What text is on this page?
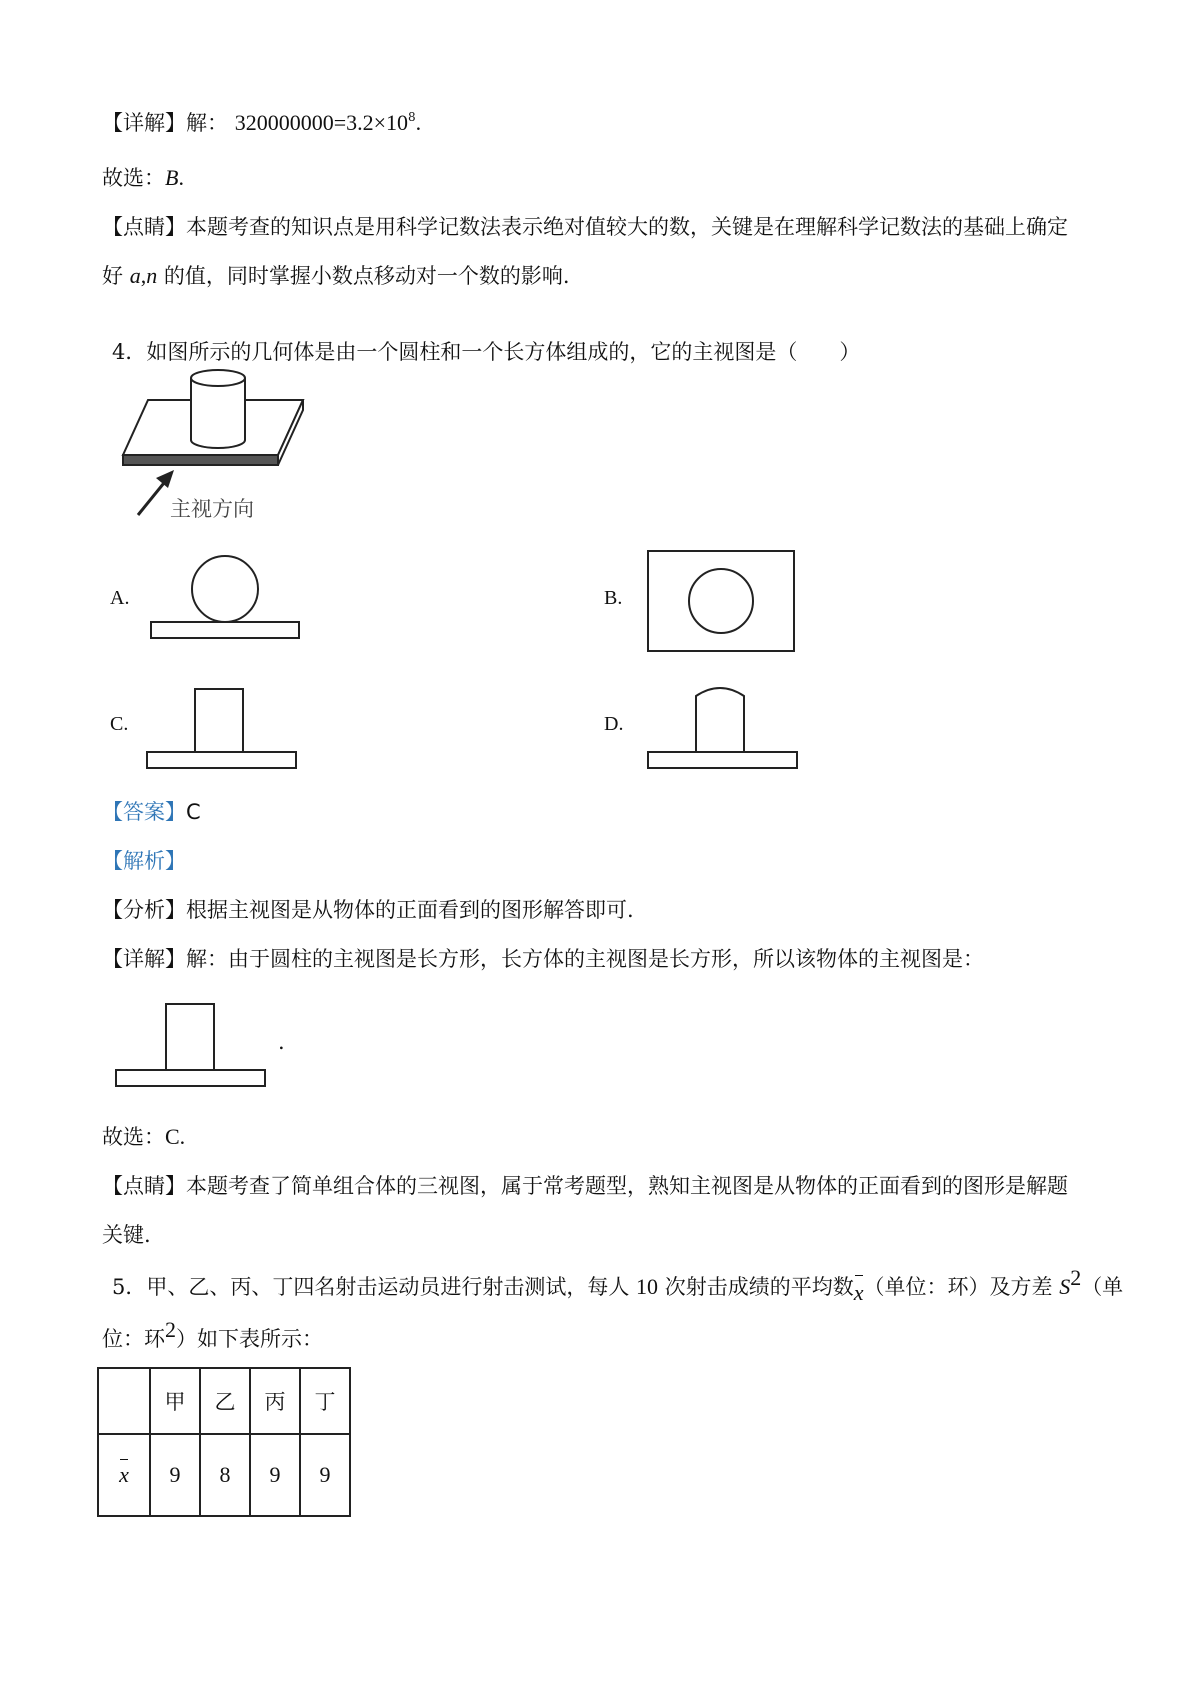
【详解】解： $320000000=3.2\times 10^8$.
故选：B.
【点睛】本题考查的知识点是用科学记数法表示绝对值较大的数，关键是在理解科学记数法的基础上确定
好 a,n 的值，同时掌握小数点移动对一个数的影响.
4．如图所示的几何体是由一个圆柱和一个长方体组成的，它的主视图是（　　）
主视方向
A.	B.
C.	D.
【答案】C
【解析】
【分析】根据主视图是从物体的正面看到的图形解答即可.
【详解】解：由于圆柱的主视图是长方形，长方体的主视图是长方形，所以该物体的主视图是：
.
故选：C.
【点睛】本题考查了简单组合体的三视图，属于常考题型，熟知主视图是从物体的正面看到的图形是解题
关键.
5．甲、乙、丙、丁四名射击运动员进行射击测试，每人 10 次射击成绩的平均数x（单位：环）及方差 $S^2$（单
位：环$^2$）如下表所示：
	甲	乙	丙	丁
x	9	8	9	9
